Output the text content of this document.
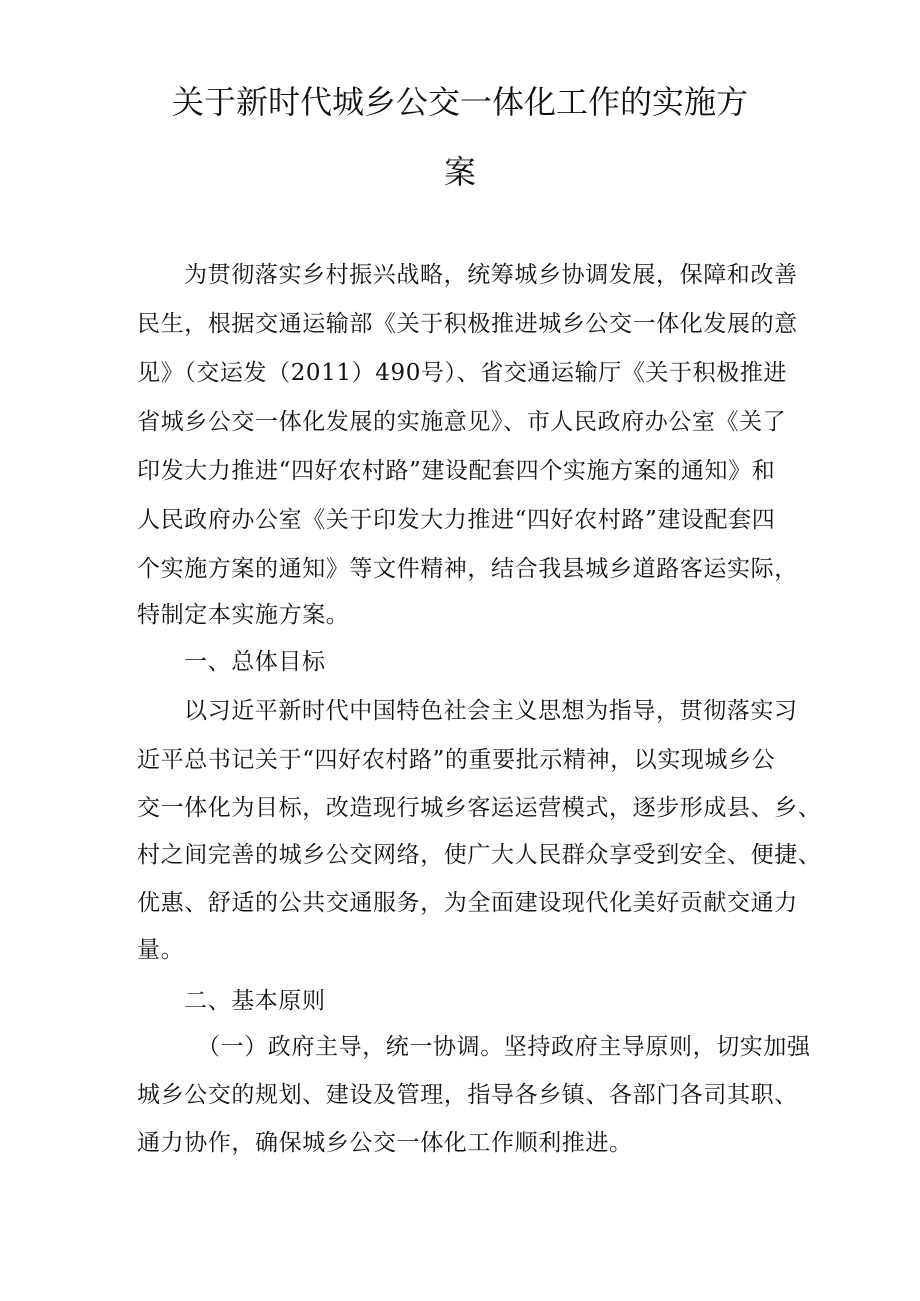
关于新时代城乡公交一体化工作的实施方
案
为贯彻落实乡村振兴战略，统筹城乡协调发展，保障和改善
民生，根据交通运输部《关于积极推进城乡公交一体化发展的意
见》（交运发（2011）490号）、省交通运输厅《关于积极推进
省城乡公交一体化发展的实施意见》、市人民政府办公室《关了
印发大力推进“四好农村路”建设配套四个实施方案的通知》和
人民政府办公室《关于印发大力推进“四好农村路”建设配套四
个实施方案的通知》等文件精神，结合我县城乡道路客运实际，
特制定本实施方案。
一、总体目标
以习近平新时代中国特色社会主义思想为指导，贯彻落实习
近平总书记关于“四好农村路”的重要批示精神，以实现城乡公
交一体化为目标，改造现行城乡客运运营模式，逐步形成县、乡、
村之间完善的城乡公交网络，使广大人民群众享受到安全、便捷、
优惠、舒适的公共交通服务，为全面建设现代化美好贡献交通力
量。
二、基本原则
（一）政府主导，统一协调。坚持政府主导原则，切实加强
城乡公交的规划、建设及管理，指导各乡镇、各部门各司其职、
通力协作，确保城乡公交一体化工作顺利推进。
